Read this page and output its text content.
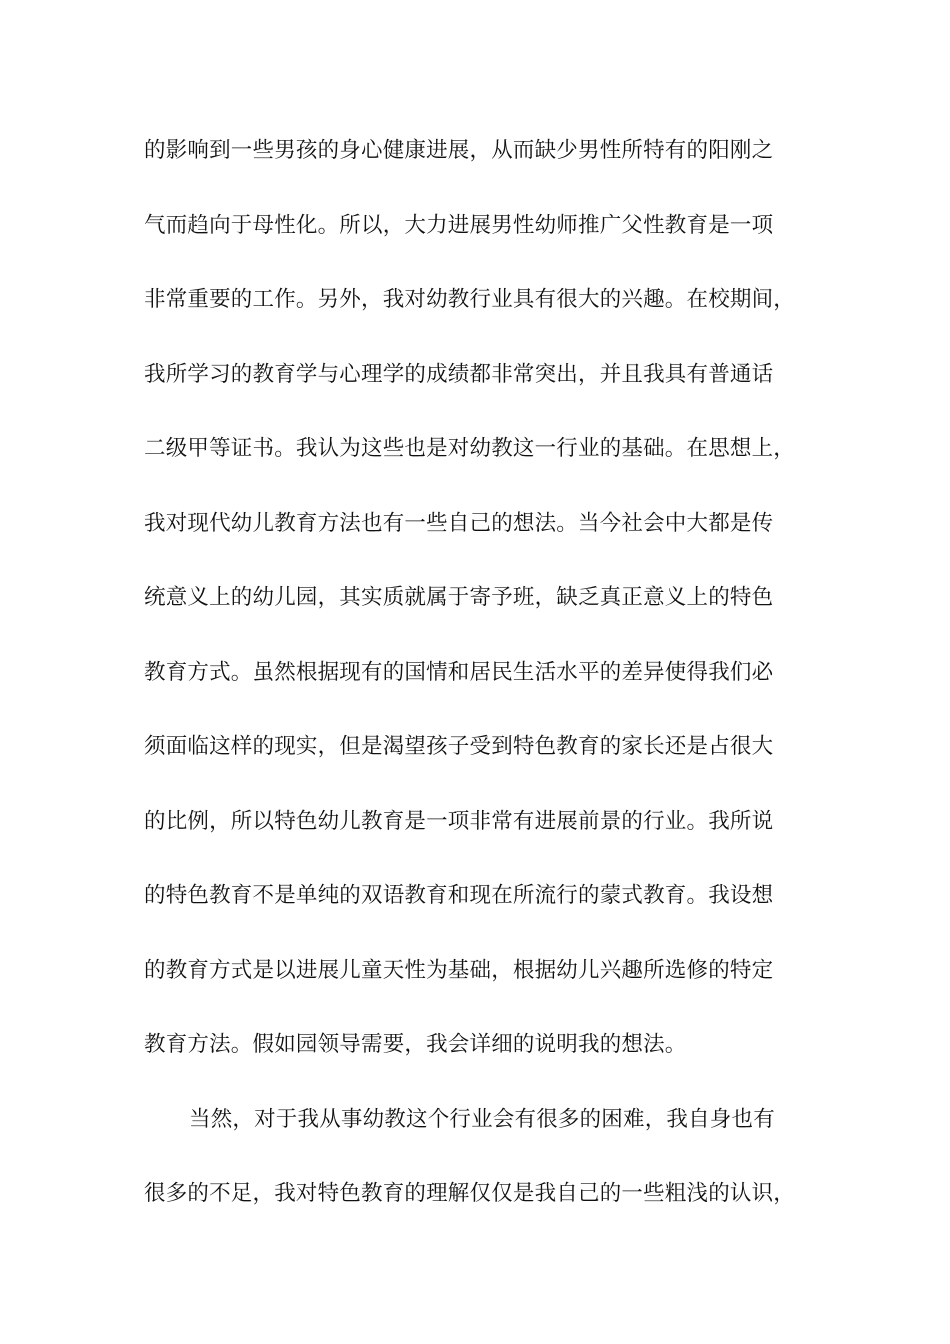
的影响到一些男孩的身心健康进展，从而缺少男性所特有的阳刚之
气而趋向于母性化。所以，大力进展男性幼师推广父性教育是一项
非常重要的工作。另外，我对幼教行业具有很大的兴趣。在校期间，
我所学习的教育学与心理学的成绩都非常突出，并且我具有普通话
二级甲等证书。我认为这些也是对幼教这一行业的基础。在思想上，
我对现代幼儿教育方法也有一些自己的想法。当今社会中大都是传
统意义上的幼儿园，其实质就属于寄予班，缺乏真正意义上的特色
教育方式。虽然根据现有的国情和居民生活水平的差异使得我们必
须面临这样的现实，但是渴望孩子受到特色教育的家长还是占很大
的比例，所以特色幼儿教育是一项非常有进展前景的行业。我所说
的特色教育不是单纯的双语教育和现在所流行的蒙式教育。我设想
的教育方式是以进展儿童天性为基础，根据幼儿兴趣所选修的特定
教育方法。假如园领导需要，我会详细的说明我的想法。
当然，对于我从事幼教这个行业会有很多的困难，我自身也有
很多的不足，我对特色教育的理解仅仅是我自己的一些粗浅的认识，
